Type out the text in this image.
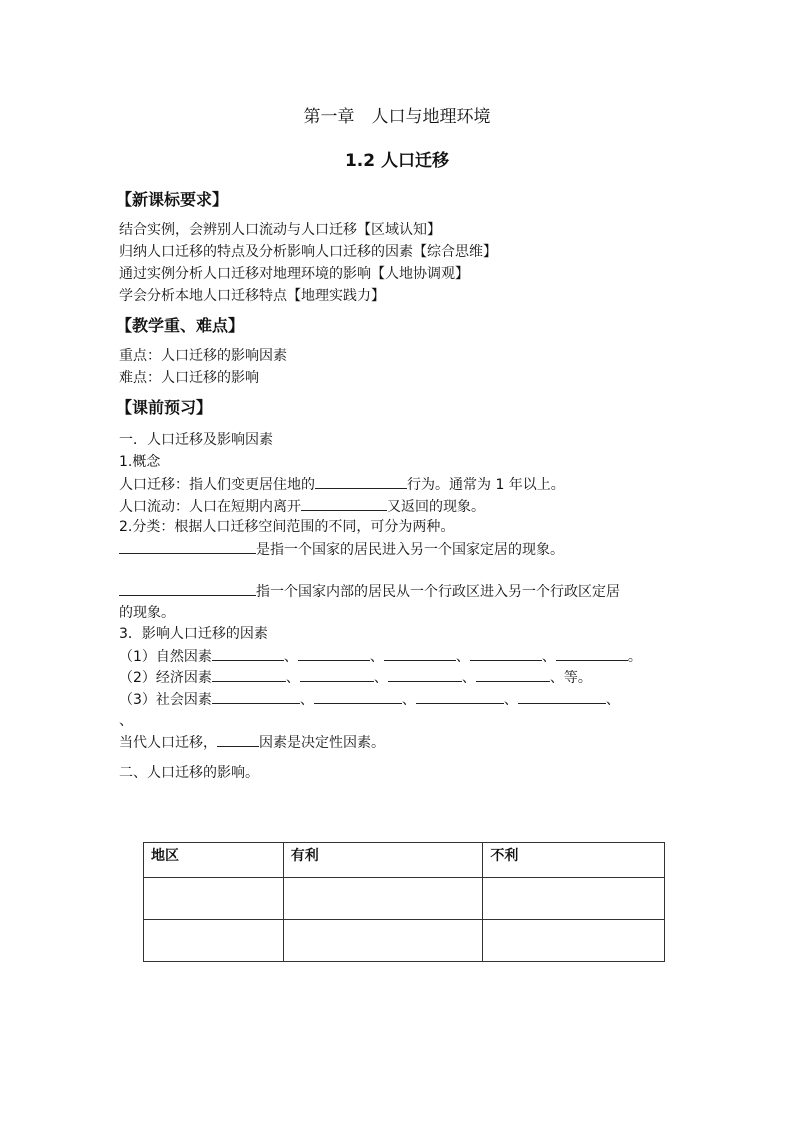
第一章　人口与地理环境
1.2 人口迁移
【新课标要求】
结合实例，会辨别人口流动与人口迁移【区域认知】
归纳人口迁移的特点及分析影响人口迁移的因素【综合思维】
通过实例分析人口迁移对地理环境的影响【人地协调观】
学会分析本地人口迁移特点【地理实践力】
【教学重、难点】
重点：人口迁移的影响因素
难点：人口迁移的影响
【课前预习】
一．人口迁移及影响因素
1.概念
人口迁移：指人们变更居住地的	行为。通常为 1 年以上。
人口流动：人口在短期内离开	又返回的现象。
2.分类：根据人口迁移空间范围的不同，可分为两种。
是指一个国家的居民进入另一个国家定居的现象。
指一个国家内部的居民从一个行政区进入另一个行政区定居
的现象。
3．影响人口迁移的因素
（1）自然因素	、	、	、	、	。
（2）经济因素	、	、	、	、等。
（3）社会因素	、	、	、	、
、
当代人口迁移，	因素是决定性因素。
二、人口迁移的影响。
地区	有利	不利
